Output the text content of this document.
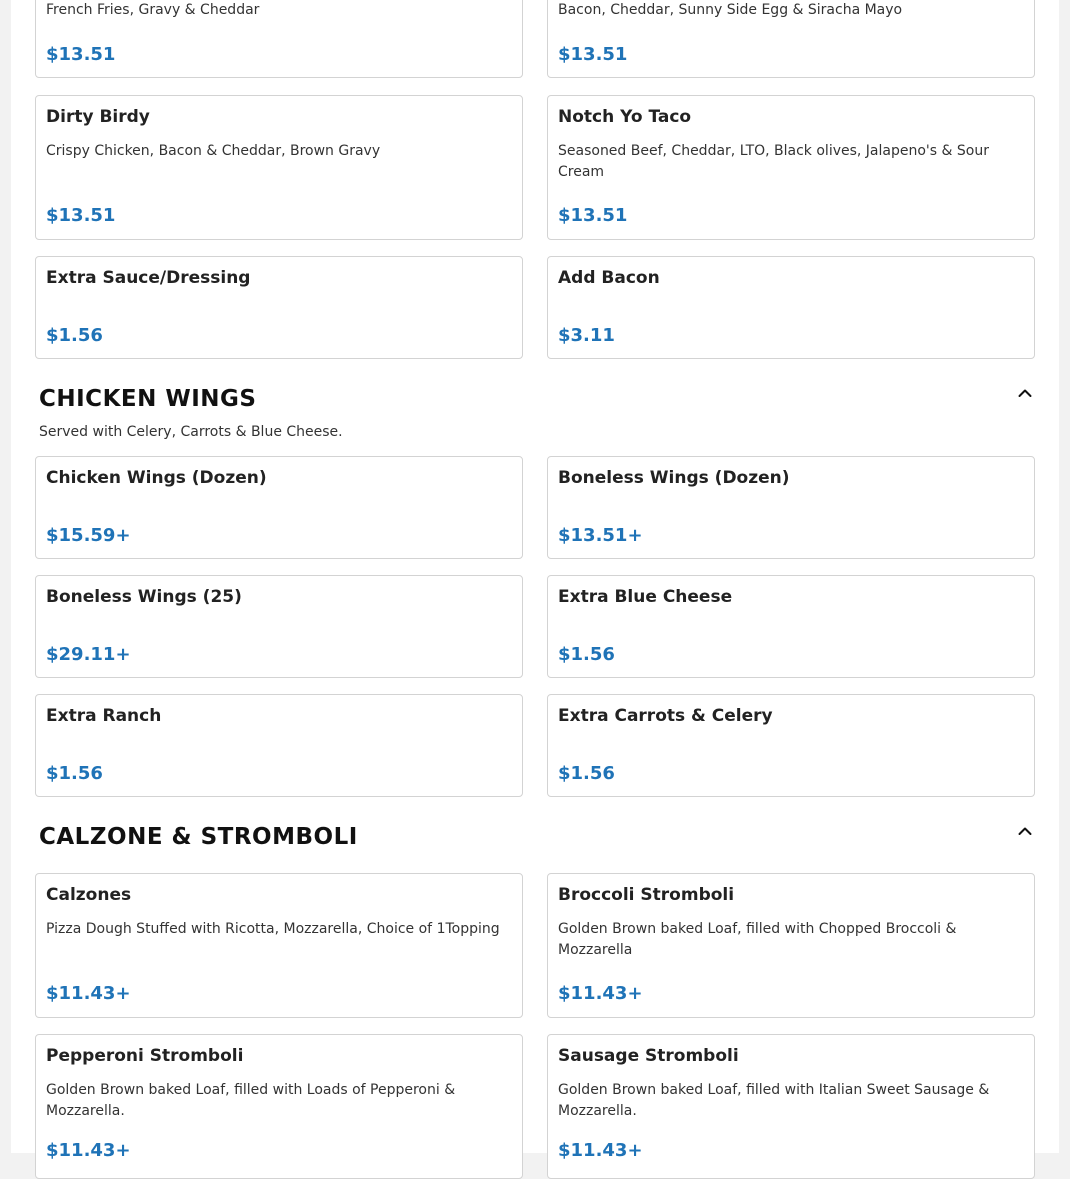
French Fries, Gravy & Cheddar
$13.51
Bacon, Cheddar, Sunny Side Egg & Siracha Mayo
$13.51
Dirty Birdy
Crispy Chicken, Bacon & Cheddar, Brown Gravy
$13.51
Notch Yo Taco
Seasoned Beef, Cheddar, LTO, Black olives, Jalapeno's & Sour Cream
$13.51
Extra Sauce/Dressing
$1.56
Add Bacon
$3.11
CHICKEN WINGS
Served with Celery, Carrots & Blue Cheese.
Chicken Wings (Dozen)
$15.59+
Boneless Wings (Dozen)
$13.51+
Boneless Wings (25)
$29.11+
Extra Blue Cheese
$1.56
Extra Ranch
$1.56
Extra Carrots & Celery
$1.56
CALZONE & STROMBOLI
Calzones
Pizza Dough Stuffed with Ricotta, Mozzarella, Choice of 1Topping
$11.43+
Broccoli Stromboli
Golden Brown baked Loaf, filled with Chopped Broccoli & Mozzarella
$11.43+
Pepperoni Stromboli
Golden Brown baked Loaf, filled with Loads of Pepperoni & Mozzarella.
$11.43+
Sausage Stromboli
Golden Brown baked Loaf, filled with Italian Sweet Sausage & Mozzarella.
$11.43+
